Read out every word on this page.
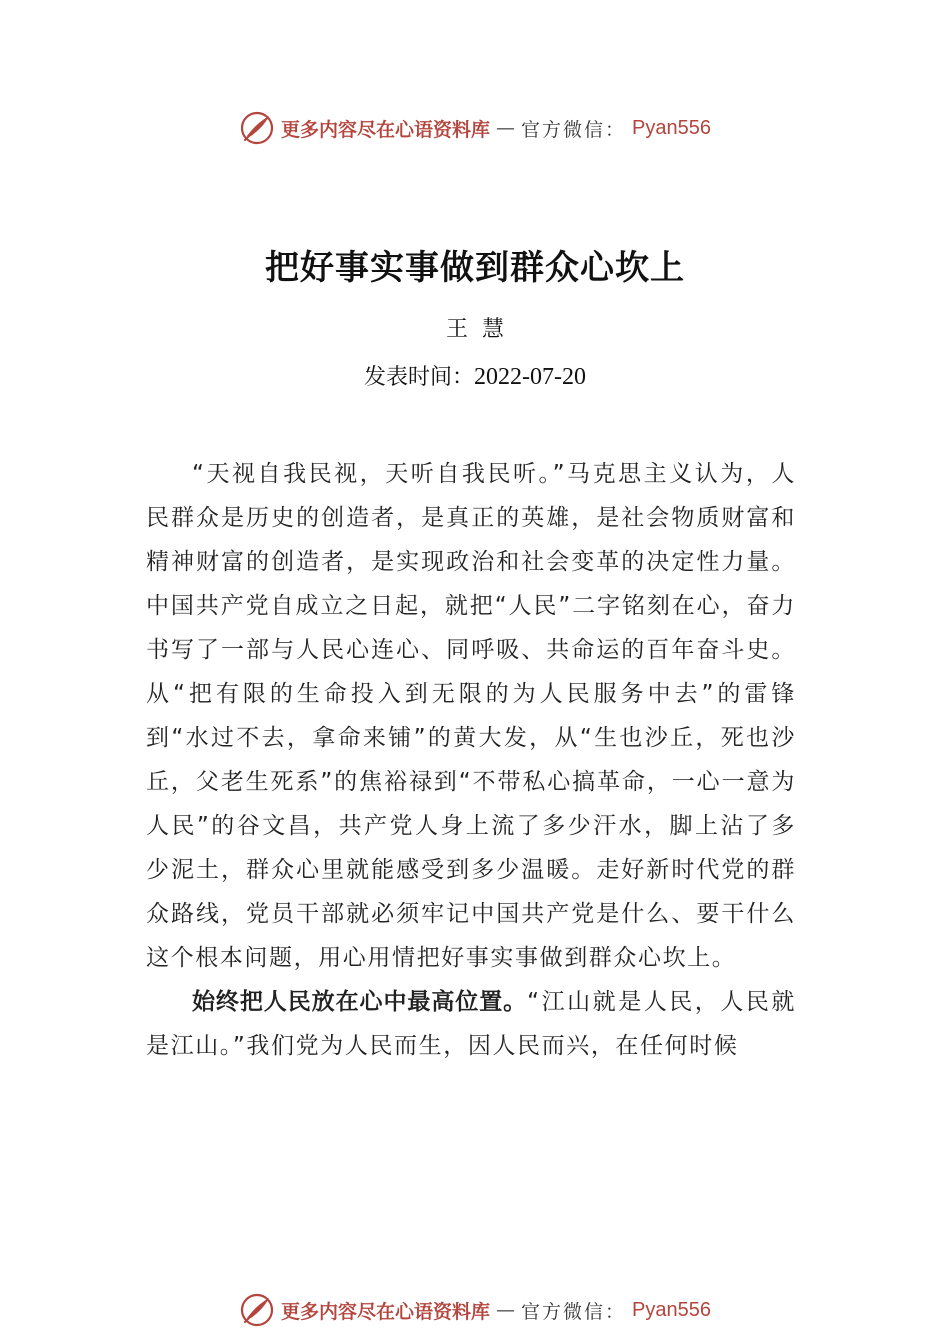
更多内容尽在心语资料库 — 官方微信： Pyan556
把好事实事做到群众心坎上
王慧
发表时间：2022-07-20

“天视自我民视，天听自我民听。”马克思主义认为，人民群众是历史的创造者，是真正的英雄，是社会物质财富和精神财富的创造者，是实现政治和社会变革的决定性力量。中国共产党自成立之日起，就把“人民”二字铭刻在心，奋力书写了一部与人民心连心、同呼吸、共命运的百年奋斗史。从“把有限的生命投入到无限的为人民服务中去”的雷锋到“水过不去，拿命来铺”的黄大发，从“生也沙丘，死也沙丘，父老生死系”的焦裕禄到“不带私心搞革命，一心一意为人民”的谷文昌，共产党人身上流了多少汗水，脚上沾了多少泥土，群众心里就能感受到多少温暖。走好新时代党的群众路线，党员干部就必须牢记中国共产党是什么、要干什么这个根本问题，用心用情把好事实事做到群众心坎上。

始终把人民放在心中最高位置。“江山就是人民，人民就是江山。”我们党为人民而生，因人民而兴，在任何时候

更多内容尽在心语资料库 — 官方微信： Pyan556
